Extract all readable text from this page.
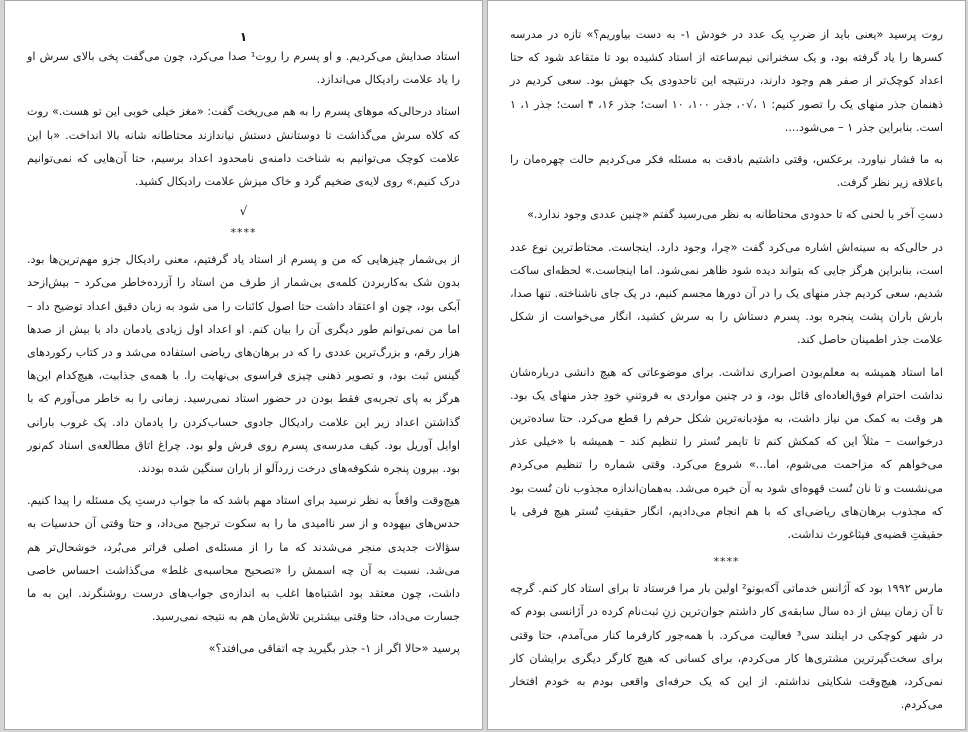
۱

استاد صدایش می‌کردیم. و او پسرم را روت¹ صدا می‌کرد، چون می‌گفت پخی بالای سرش او را یاد علامت رادیکال می‌اندازد.

استاد درحالی‌که موهای پسرم را به هم می‌ریخت گفت: «مغز خیلی خوبی این تو هست.» روت که کلاه سرش می‌گذاشت تا دوستانش دستش نیاندازند محتاطانه شانه بالا انداخت. «با این علامت کوچک می‌توانیم به شناخت دامنه‌ی نامحدود اعداد برسیم، حتا آن‌هایی که نمی‌توانیم درک کنیم.» روی لایه‌ی ضخیم گرد و خاک میزش علامت رادیکال کشید.

√
****

از بی‌شمار چیزهایی که من و پسرم از استاد یاد گرفتیم، معنی رادیکال جزو مهم‌ترین‌ها بود. بدون شک به‌کاربردن کلمه‌ی بی‌شمار از طرف من استاد را آزرده‌خاطر می‌کرد – بیش‌ازحد آبکی بود، چون او اعتقاد داشت حتا اصول کائنات را می شود به زبان دقیق اعداد توضیح داد – اما من نمی‌توانم طور دیگری آن را بیان کنم. او اعداد اول زیادی یادمان داد با بیش از صدها هزار رقم، و بزرگ‌ترین عددی را که در برهان‌های ریاضی استفاده می‌شد و در کتاب رکوردهای گینس ثبت بود، و تصویر ذهنی چیزی فراسوی بی‌نهایت را. با همه‌ی جذابیت، هیچ‌کدام این‌ها هرگز به پای تجربه‌ی فقط بودن در حضور استاد نمی‌رسید. زمانی را به خاطر می‌آورم که با گذاشتن اعداد زیر این علامت رادیکال جادوی حساب‌کردن را یادمان داد. یک غروب بارانی اوایل آوریل بود. کیف مدرسه‌ی پسرم روی فرش ولو بود. چراغ اتاق مطالعه‌ی استاد کم‌نور بود. بیرون پنجره شکوفه‌های درخت زردآلو از باران سنگین شده بودند.

هیچ‌وقت واقعاً به نظر نرسید برای استاد مهم باشد که ما جواب درستِ یک مسئله را پیدا کنیم. حدس‌های بیهوده و از سر ناامیدی ما را به سکوت ترجیح می‌داد، و حتا وقتی آن حدسیات به سؤالات جدیدی منجر می‌شدند که ما را از مسئله‌ی اصلی فراتر می‌بُرد، خوشحال‌تر هم می‌شد. نسبت به آن چه اسمش را «تصحیح محاسبه‌ی غلط» می‌گذاشت احساس خاصی داشت، چون معتقد بود اشتباه‌ها اغلب به اندازه‌ی جواب‌های درست روشنگرند. این به ما جسارت می‌داد، حتا وقتی بیشترین تلاش‌مان هم به نتیجه نمی‌رسید.

پرسید «حالا اگر از ۱- جذر بگیرید چه اتفاقی می‌افتد؟»

روت پرسید «یعنی باید از ضربِ یک عدد در خودش ۱- به دست بیاوریم؟» تازه در مدرسه کسرها را یاد گرفته بود، و یک سخنرانی نیم‌ساعته از استاد کشیده بود تا متقاعد شود که حتا اعداد کوچک‌تر از صفر هم وجود دارند، درنتیجه این تاحدودی یک جهش بود. سعی کردیم در ذهنمان جذر منهای یک را تصور کنیم: ۱ ،√۰، جذر ۱۰۰، ۱۰ است؛ جذر ۱۶، ۴ است؛ جذر ۱، ۱ است. بنابراین جذر ۱ – می‌شود....

به ما فشار نیاورد. برعکس، وقتی داشتیم بادقت به مسئله فکر می‌کردیم حالت چهره‌مان را باعلاقه زیر نظر گرفت.

دستِ آخر با لحنی که تا حدودی محتاطانه به نظر می‌رسید گفتم «چنین عددی وجود ندارد.»

در حالی‌که به سینه‌اش اشاره می‌کرد گفت «چرا، وجود دارد. اینجاست. محتاط‌ترین نوع عدد است، بنابراین هرگز جایی که بتواند دیده شود ظاهر نمی‌شود. اما اینجاست.» لحظه‌ای ساکت شدیم، سعی کردیم جذر منهای یک را در آن دورها مجسم کنیم، در یک جای ناشناخته. تنها صدا، بارش باران پشت پنجره بود. پسرم دستاش را به سرش کشید، انگار می‌خواست از شکل علامت جذر اطمینان حاصل کند.

اما استاد همیشه به معلم‌بودن اصراری نداشت. برای موضوعاتی که هیچ دانشی درباره‌شان نداشت احترام فوق‌العاده‌ای قائل بود، و در چنین مواردی به فروتنیِ خودِ جذر منهای یک بود. هر وقت به کمک من نیاز داشت، به مؤدبانه‌ترین شکل حرفم را قطع می‌کرد. حتا ساده‌ترین درخواست – مثلاً این که کمکش کنم تا تایمر تُستر را تنظیم کند – همیشه با «خیلی عذر می‌خواهم که مزاحمت می‌شوم، اما...» شروع می‌کرد. وقتی شماره را تنظیم می‌کردم می‌نشست و تا نان تُست قهوه‌ای شود به آن خیره می‌شد. به‌همان‌اندازه مجذوب نان تُست بود که مجذوب برهان‌های ریاضی‌ای که با هم انجام می‌دادیم، انگار حقیقتِ تُستر هیچ فرقی با حقیقتِ قضیه‌ی فیثاغورث نداشت.

****

مارس ۱۹۹۲ بود که آژانس خدماتی آکه‌بونو² اولین بار مرا فرستاد تا برای استاد کار کنم. گرچه تا آن زمان بیش از ده سال سابقه‌ی کار داشتم جوان‌ترین زنِ ثبت‌نام کرده در آژانسی بودم که در شهر کوچکی در اینلند سی³ فعالیت می‌کرد. با همه‌جور کارفرما کنار می‌آمدم، حتا وقتی برای سخت‌گیرترین مشتری‌ها کار می‌کردم، برای کسانی که هیچ کارگر دیگری برایشان کار نمی‌کرد، هیچ‌وقت شکایتی نداشتم. از این که یک حرفه‌ای واقعی بودم به خودم افتخار می‌کردم.
